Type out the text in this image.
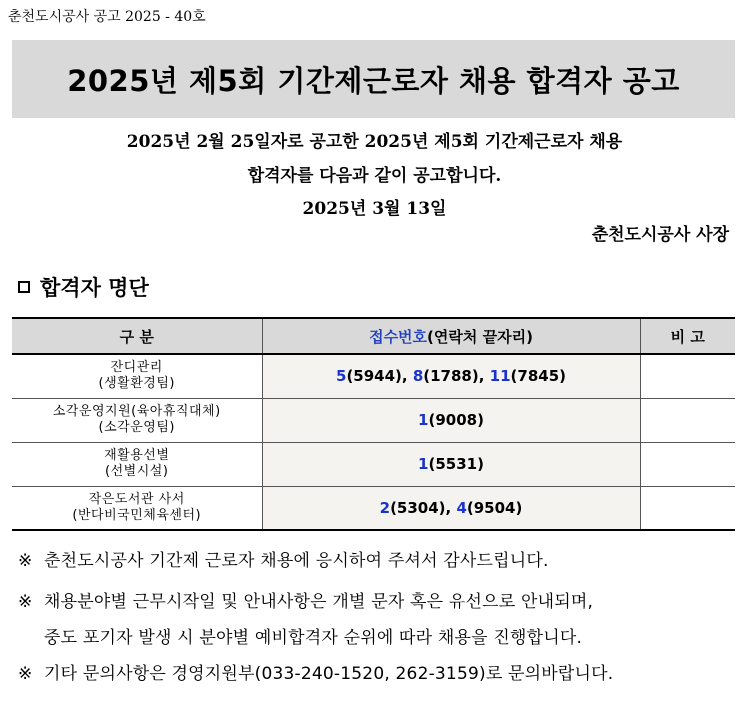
춘천도시공사 공고 2025 - 40호
2025년 제5회 기간제근로자 채용 합격자 공고
2025년 2월 25일자로 공고한 2025년 제5회 기간제근로자 채용
합격자를 다음과 같이 공고합니다.
2025년 3월 13일
춘천도시공사 사장
합격자 명단
구 분	접수번호(연락처 끝자리)	비 고

잔디관리
(생활환경팀)	5(5944), 8(1788), 11(7845)	

소각운영지원(육아휴직대체)
(소각운영팀)	1(9008)	

재활용선별
(선별시설)	1(5531)	

작은도서관 사서
(반다비국민체육센터)	2(5304), 4(9504)	
※ 춘천도시공사 기간제 근로자 채용에 응시하여 주셔서 감사드립니다.
※ 채용분야별 근무시작일 및 안내사항은 개별 문자 혹은 유선으로 안내되며,
중도 포기자 발생 시 분야별 예비합격자 순위에 따라 채용을 진행합니다.
※ 기타 문의사항은 경영지원부(033-240-1520, 262-3159)로 문의바랍니다.
